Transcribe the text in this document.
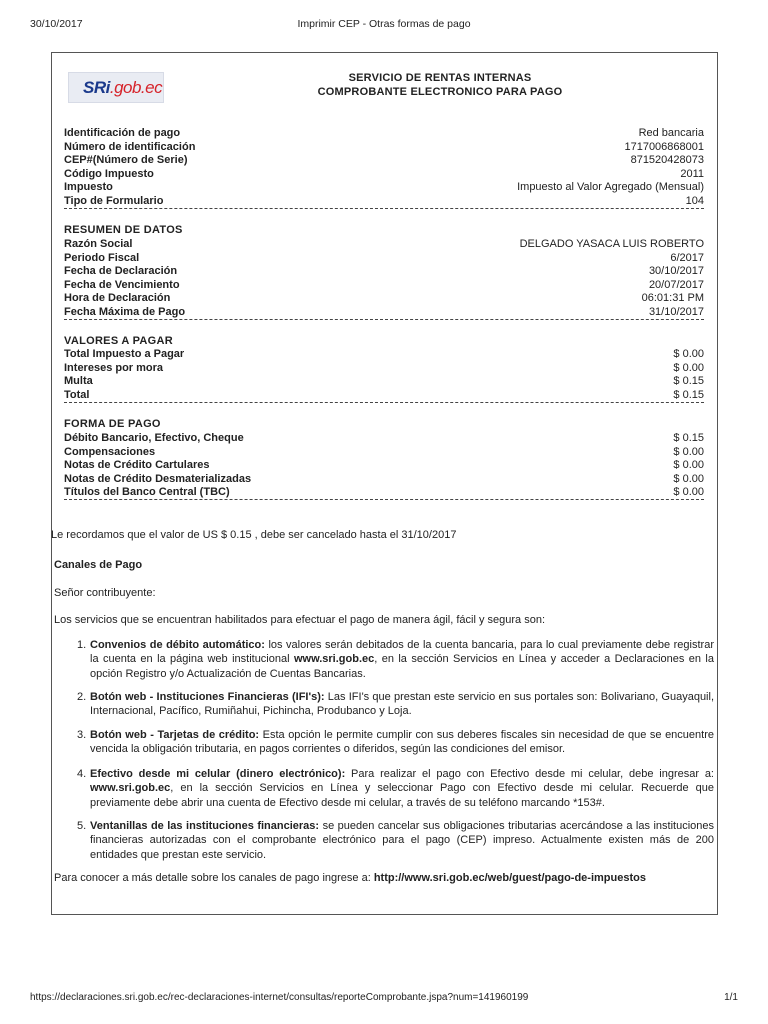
30/10/2017	Imprimir CEP - Otras formas de pago
SRi.gob.ec	SERVICIO DE RENTAS INTERNAS
COMPROBANTE ELECTRONICO PARA PAGO
Identificación de pago	Red bancaria
Número de identificación	1717006868001
CEP#(Número de Serie)	871520428073
Código Impuesto	2011
Impuesto	Impuesto al Valor Agregado (Mensual)
Tipo de Formulario	104
RESUMEN DE DATOS
Razón Social	DELGADO YASACA LUIS ROBERTO
Periodo Fiscal	6/2017
Fecha de Declaración	30/10/2017
Fecha de Vencimiento	20/07/2017
Hora de Declaración	06:01:31 PM
Fecha Máxima de Pago	31/10/2017
VALORES A PAGAR
Total Impuesto a Pagar	$ 0.00
Intereses por mora	$ 0.00
Multa	$ 0.15
Total	$ 0.15
FORMA DE PAGO
Débito Bancario, Efectivo, Cheque	$ 0.15
Compensaciones	$ 0.00
Notas de Crédito Cartulares	$ 0.00
Notas de Crédito Desmaterializadas	$ 0.00
Títulos del Banco Central (TBC)	$ 0.00
Le recordamos que el valor de US $ 0.15 , debe ser cancelado hasta el 31/10/2017
Canales de Pago
Señor contribuyente:
Los servicios que se encuentran habilitados para efectuar el pago de manera ágil, fácil y segura son:
1. Convenios de débito automático: los valores serán debitados de la cuenta bancaria, para lo cual previamente debe registrar la cuenta en la página web institucional www.sri.gob.ec, en la sección Servicios en Línea y acceder a Declaraciones en la opción Registro y/o Actualización de Cuentas Bancarias.
2. Botón web - Instituciones Financieras (IFI's): Las IFI's que prestan este servicio en sus portales son: Bolivariano, Guayaquil, Internacional, Pacífico, Rumiñahui, Pichincha, Produbanco y Loja.
3. Botón web - Tarjetas de crédito: Esta opción le permite cumplir con sus deberes fiscales sin necesidad de que se encuentre vencida la obligación tributaria, en pagos corrientes o diferidos, según las condiciones del emisor.
4. Efectivo desde mi celular (dinero electrónico): Para realizar el pago con Efectivo desde mi celular, debe ingresar a: www.sri.gob.ec, en la sección Servicios en Línea y seleccionar Pago con Efectivo desde mi celular. Recuerde que previamente debe abrir una cuenta de Efectivo desde mi celular, a través de su teléfono marcando *153#.
5. Ventanillas de las instituciones financieras: se pueden cancelar sus obligaciones tributarias acercándose a las instituciones financieras autorizadas con el comprobante electrónico para el pago (CEP) impreso. Actualmente existen más de 200 entidades que prestan este servicio.
Para conocer a más detalle sobre los canales de pago ingrese a: http://www.sri.gob.ec/web/guest/pago-de-impuestos
https://declaraciones.sri.gob.ec/rec-declaraciones-internet/consultas/reporteComprobante.jspa?num=141960199	1/1
